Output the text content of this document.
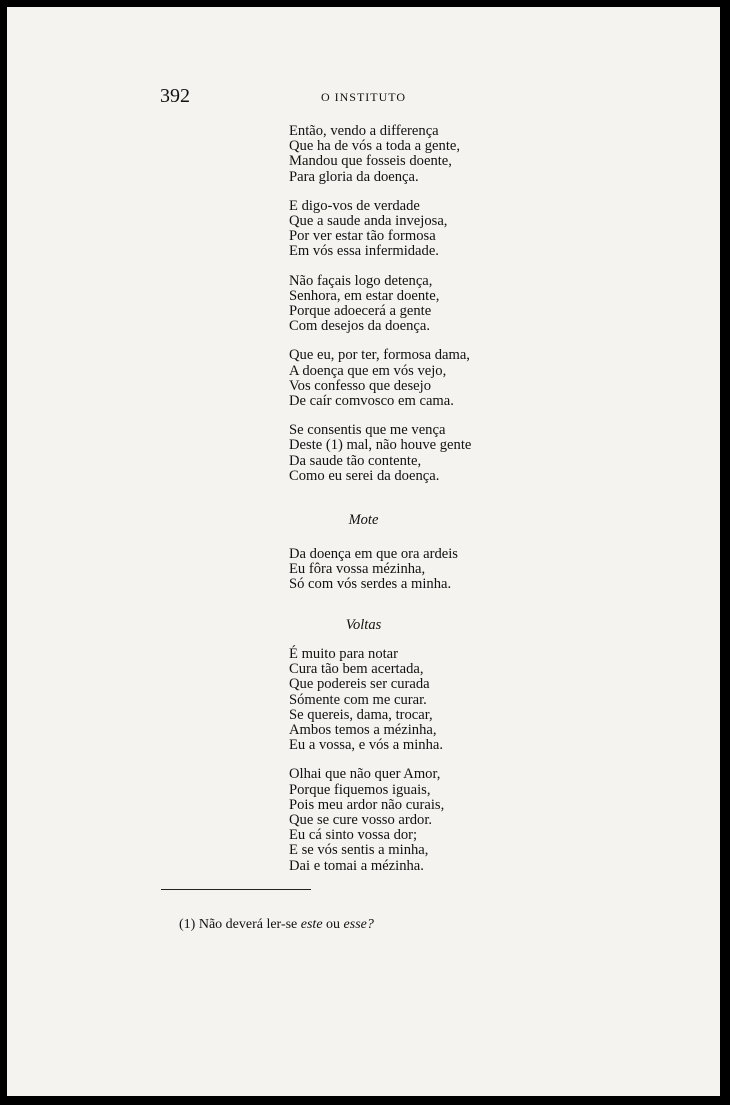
392	O INSTITUTO
Então, vendo a differença
Que ha de vós a toda a gente,
Mandou que fosseis doente,
Para gloria da doença.
E digo-vos de verdade
Que a saude anda invejosa,
Por ver estar tão formosa
Em vós essa infermidade.
Não façais logo detença,
Senhora, em estar doente,
Porque adoecerá a gente
Com desejos da doença.
Que eu, por ter, formosa dama,
A doença que em vós vejo,
Vos confesso que desejo
De caír comvosco em cama.
Se consentis que me vença
Deste (1) mal, não houve gente
Da saude tão contente,
Como eu serei da doença.
Mote
Da doença em que ora ardeis
Eu fôra vossa mézinha,
Só com vós serdes a minha.
Voltas
É muito para notar
Cura tão bem acertada,
Que podereis ser curada
Sómente com me curar.
Se quereis, dama, trocar,
Ambos temos a mézinha,
Eu a vossa, e vós a minha.
Olhai que não quer Amor,
Porque fiquemos iguais,
Pois meu ardor não curais,
Que se cure vosso ardor.
Eu cá sinto vossa dor;
E se vós sentis a minha,
Dai e tomai a mézinha.
(1) Não deverá ler-se este ou esse?
